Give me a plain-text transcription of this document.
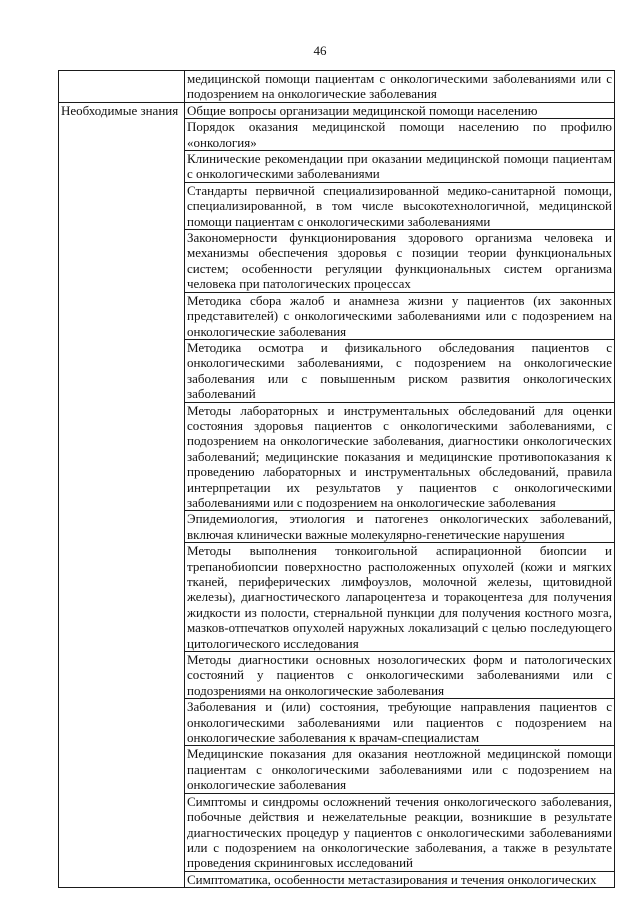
46
	медицинской помощи пациентам с онкологическими заболеваниями или с подозрением на онкологические заболевания
Необходимые знания	Общие вопросы организации медицинской помощи населению
	Порядок оказания медицинской помощи населению по профилю «онкология»
	Клинические рекомендации при оказании медицинской помощи пациентам с онкологическими заболеваниями
	Стандарты первичной специализированной медико-санитарной помощи, специализированной, в том числе высокотехнологичной, медицинской помощи пациентам с онкологическими заболеваниями
	Закономерности функционирования здорового организма человека и механизмы обеспечения здоровья с позиции теории функциональных систем; особенности регуляции функциональных систем организма человека при патологических процессах
	Методика сбора жалоб и анамнеза жизни у пациентов (их законных представителей) с онкологическими заболеваниями или с подозрением на онкологические заболевания
	Методика осмотра и физикального обследования пациентов с онкологическими заболеваниями, с подозрением на онкологические заболевания или с повышенным риском развития онкологических заболеваний
	Методы лабораторных и инструментальных обследований для оценки состояния здоровья пациентов с онкологическими заболеваниями, с подозрением на онкологические заболевания, диагностики онкологических заболеваний; медицинские показания и медицинские противопоказания к проведению лабораторных и инструментальных обследований, правила интерпретации их результатов у пациентов с онкологическими заболеваниями или с подозрением на онкологические заболевания
	Эпидемиология, этиология и патогенез онкологических заболеваний, включая клинически важные молекулярно-генетические нарушения
	Методы выполнения тонкоигольной аспирационной биопсии и трепанобиопсии поверхностно расположенных опухолей (кожи и мягких тканей, периферических лимфоузлов, молочной железы, щитовидной железы), диагностического лапароцентеза и торакоцентеза для получения жидкости из полости, стернальной пункции для получения костного мозга, мазков-отпечатков опухолей наружных локализаций с целью последующего цитологического исследования
	Методы диагностики основных нозологических форм и патологических состояний у пациентов с онкологическими заболеваниями или с подозрениями на онкологические заболевания
	Заболевания и (или) состояния, требующие направления пациентов с онкологическими заболеваниями или пациентов с подозрением на онкологические заболевания к врачам-специалистам
	Медицинские показания для оказания неотложной медицинской помощи пациентам с онкологическими заболеваниями или с подозрением на онкологические заболевания
	Симптомы и синдромы осложнений течения онкологического заболевания, побочные действия и нежелательные реакции, возникшие в результате диагностических процедур у пациентов с онкологическими заболеваниями или с подозрением на онкологические заболевания, а также в результате проведения скрининговых исследований
	Симптоматика, особенности метастазирования и течения онкологических
